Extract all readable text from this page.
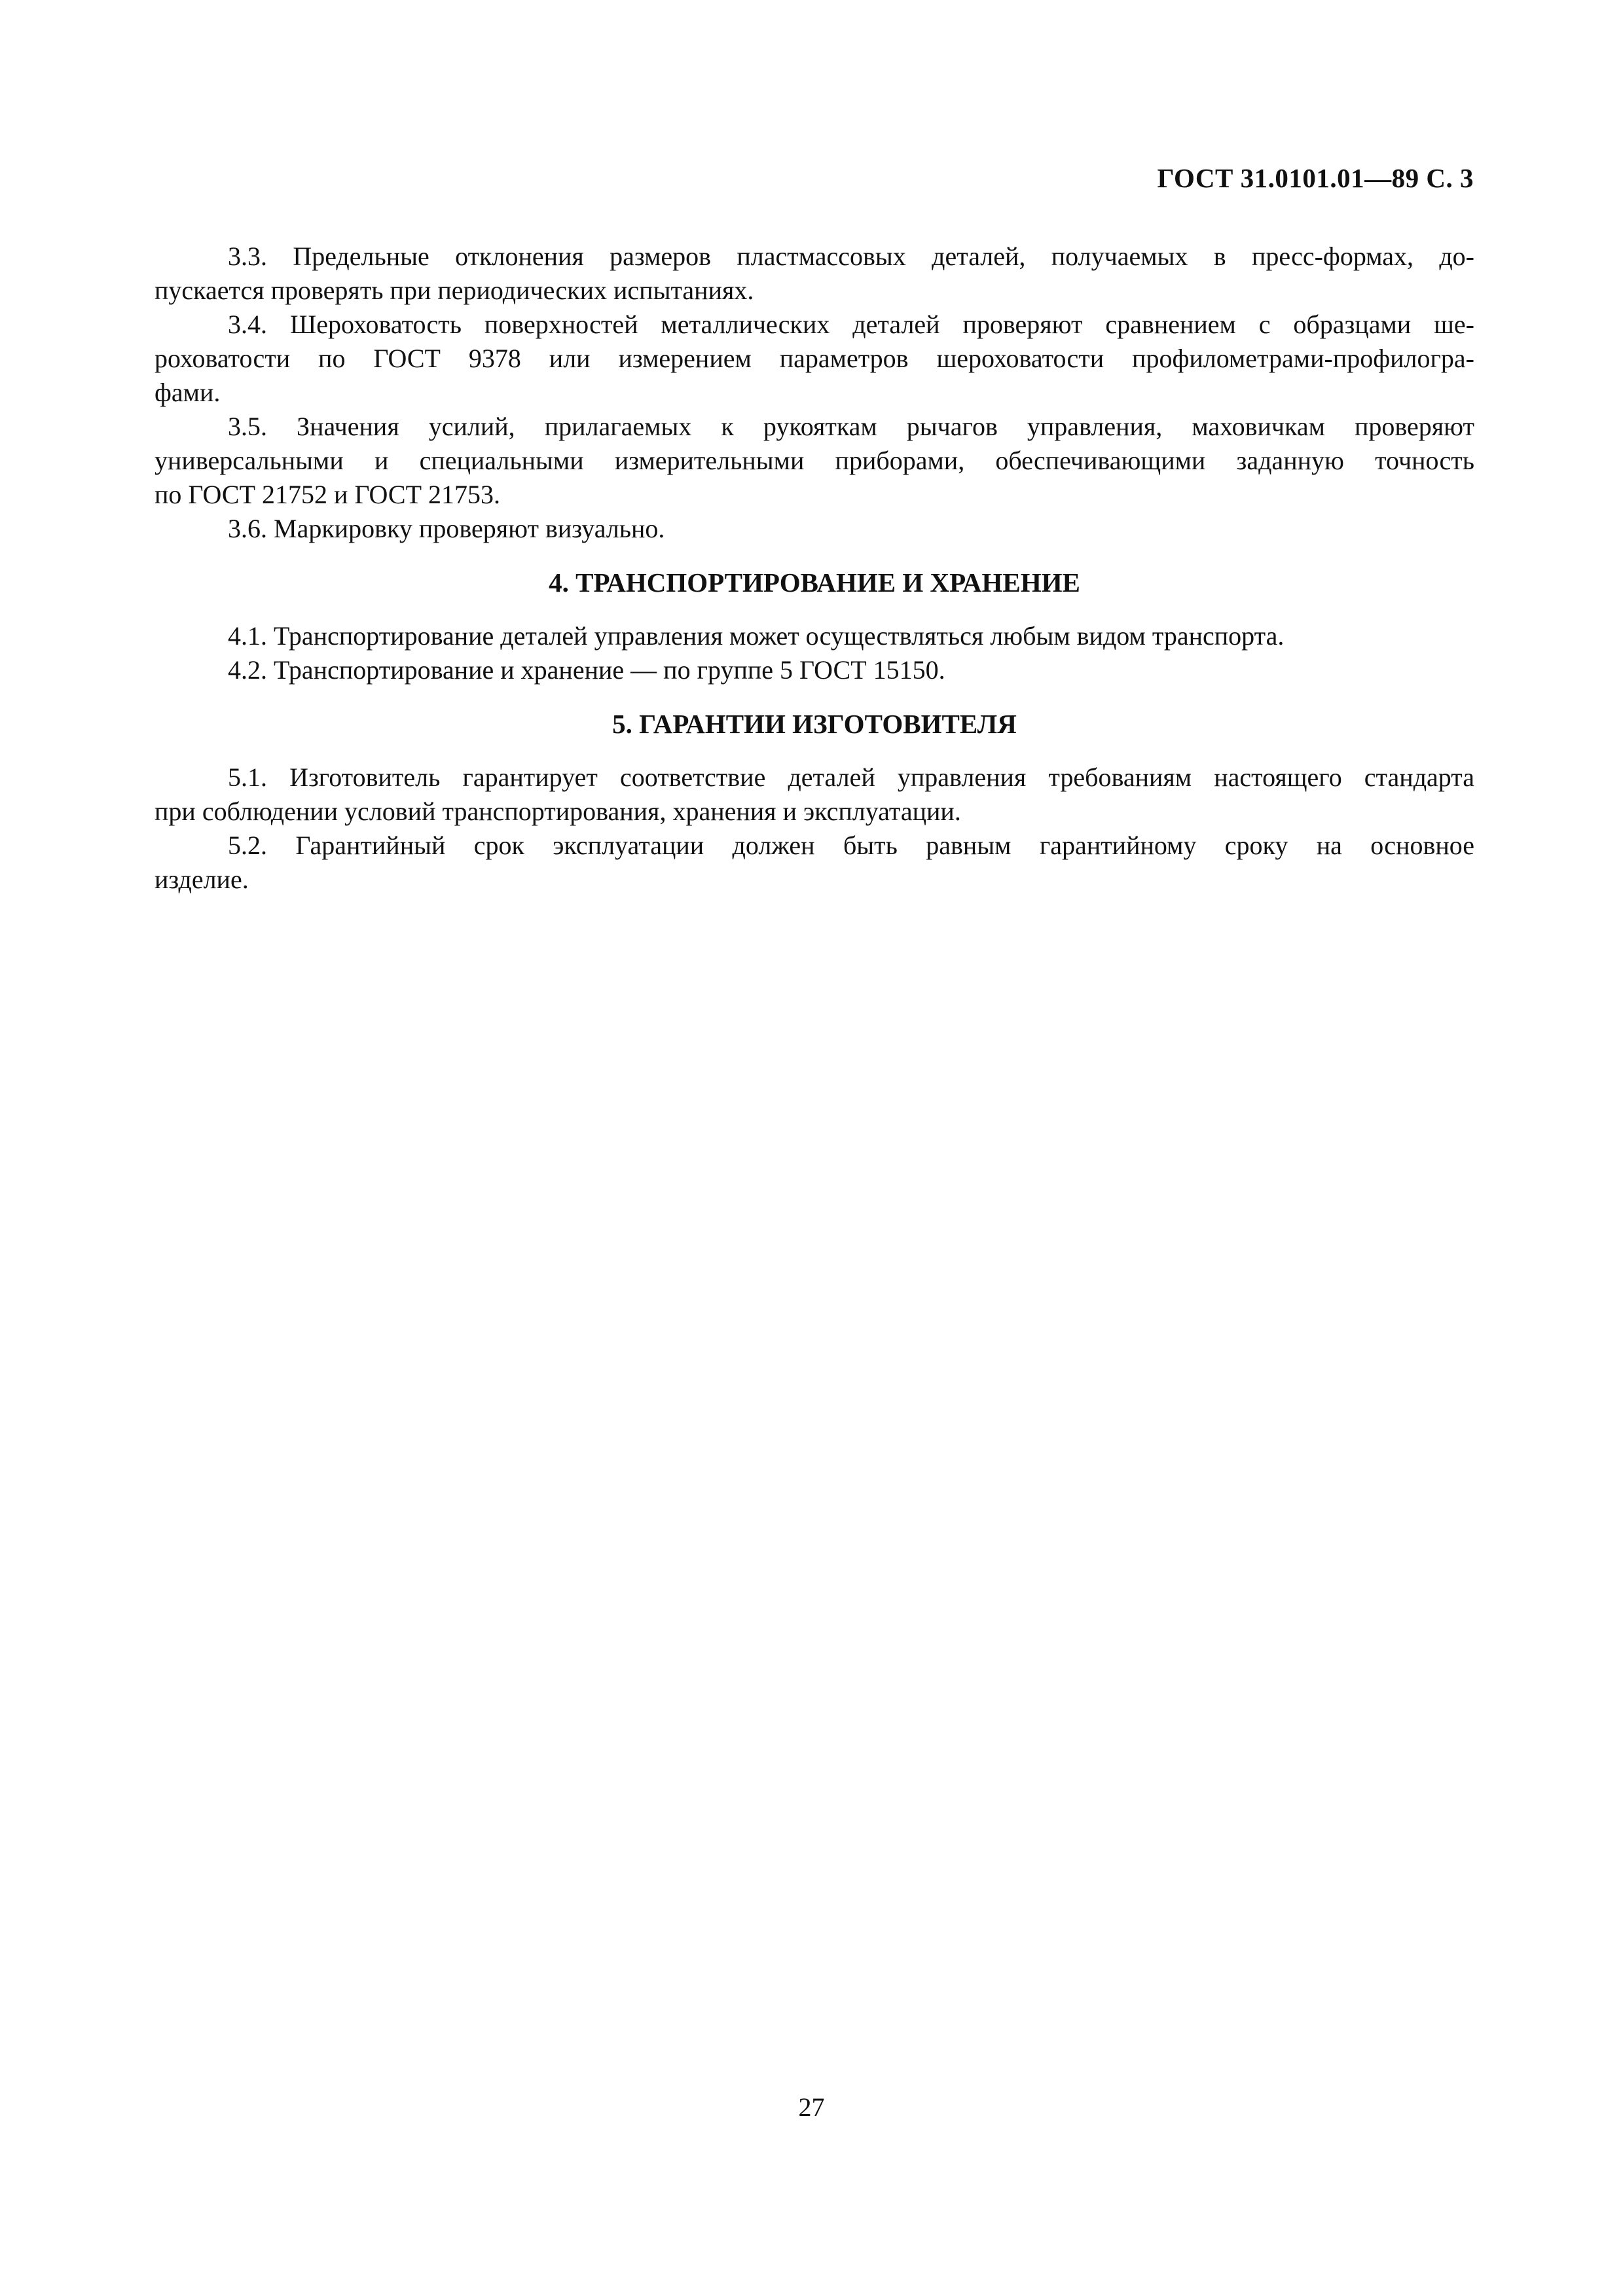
ГОСТ 31.0101.01—89 С. 3

3.3. Предельные отклонения размеров пластмассовых деталей, получаемых в пресс-формах, до-
пускается проверять при периодических испытаниях.

3.4. Шероховатость поверхностей металлических деталей проверяют сравнением с образцами ше-
роховатости по ГОСТ 9378 или измерением параметров шероховатости профилометрами-профилогра-
фами.

3.5. Значения усилий, прилагаемых к рукояткам рычагов управления, маховичкам проверяют
универсальными и специальными измерительными приборами, обеспечивающими заданную точность
по ГОСТ 21752 и ГОСТ 21753.

3.6. Маркировку проверяют визуально.

4. ТРАНСПОРТИРОВАНИЕ И ХРАНЕНИЕ

4.1. Транспортирование деталей управления может осуществляться любым видом транспорта.

4.2. Транспортирование и хранение — по группе 5 ГОСТ 15150.

5. ГАРАНТИИ ИЗГОТОВИТЕЛЯ

5.1. Изготовитель гарантирует соответствие деталей управления требованиям настоящего стандарта
при соблюдении условий транспортирования, хранения и эксплуатации.

5.2. Гарантийный срок эксплуатации должен быть равным гарантийному сроку на основное
изделие.

27
